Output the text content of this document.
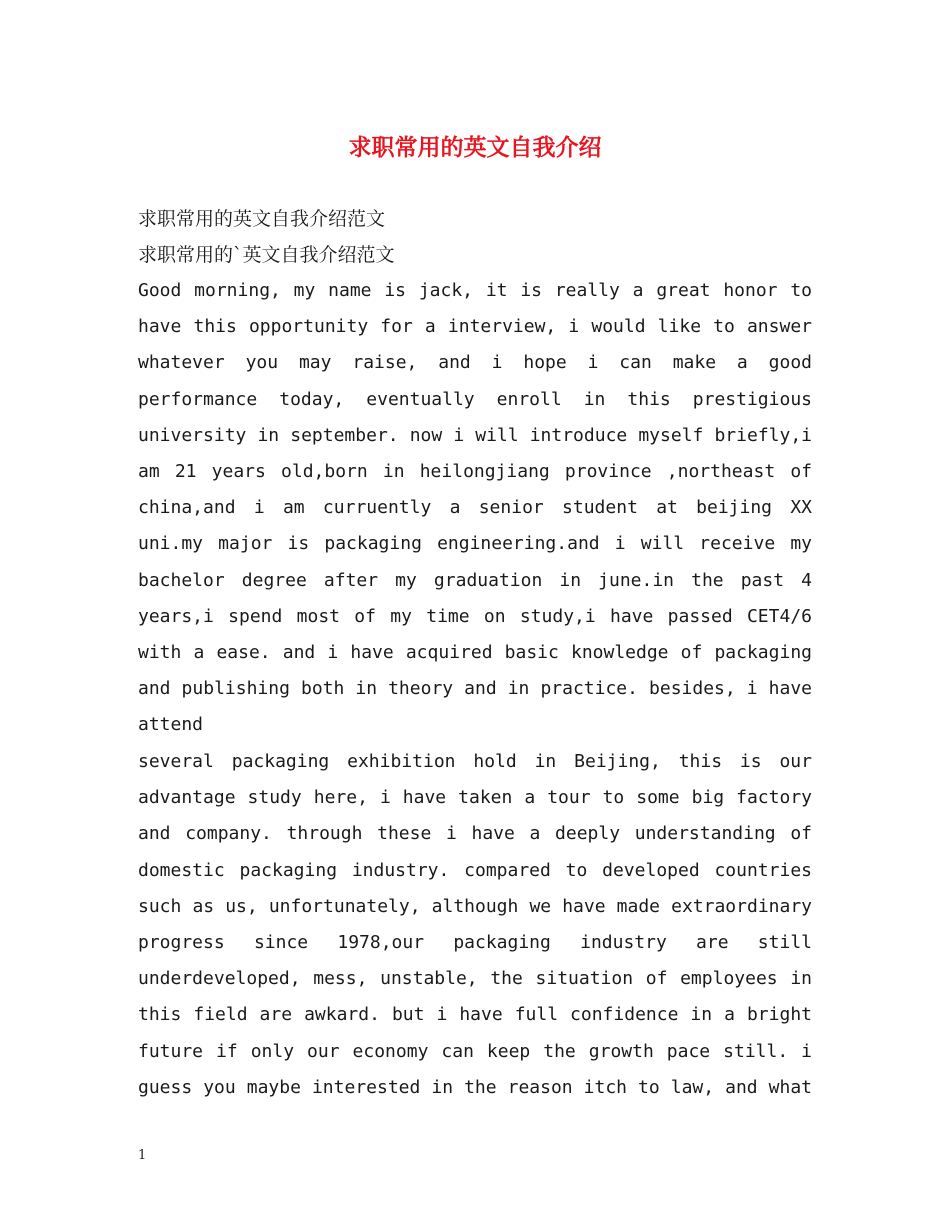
求职常用的英文自我介绍
求职常用的英文自我介绍范文
求职常用的`英文自我介绍范文
Good morning, my name is jack, it is really a great honor to
have this opportunity for a interview, i would like to answer
whatever you may raise, and i hope i can make a good
performance today, eventually enroll in this prestigious
university in september. now i will introduce myself briefly,i
am 21 years old,born in heilongjiang province ,northeast of
china,and i am curruently a senior student at beijing XX
uni.my major is packaging engineering.and i will receive my
bachelor degree after my graduation in june.in the past 4
years,i spend most of my time on study,i have passed CET4/6
with a ease. and i have acquired basic knowledge of packaging
and publishing both in theory and in practice. besides, i have
attend
several packaging exhibition hold in Beijing, this is our
advantage study here, i have taken a tour to some big factory
and company. through these i have a deeply understanding of
domestic packaging industry. compared to developed countries
such as us, unfortunately, although we have made extraordinary
progress since 1978,our packaging industry are still
underdeveloped, mess, unstable, the situation of employees in
this field are awkard. but i have full confidence in a bright
future if only our economy can keep the growth pace still. i
guess you maybe interested in the reason itch to law, and what
1
